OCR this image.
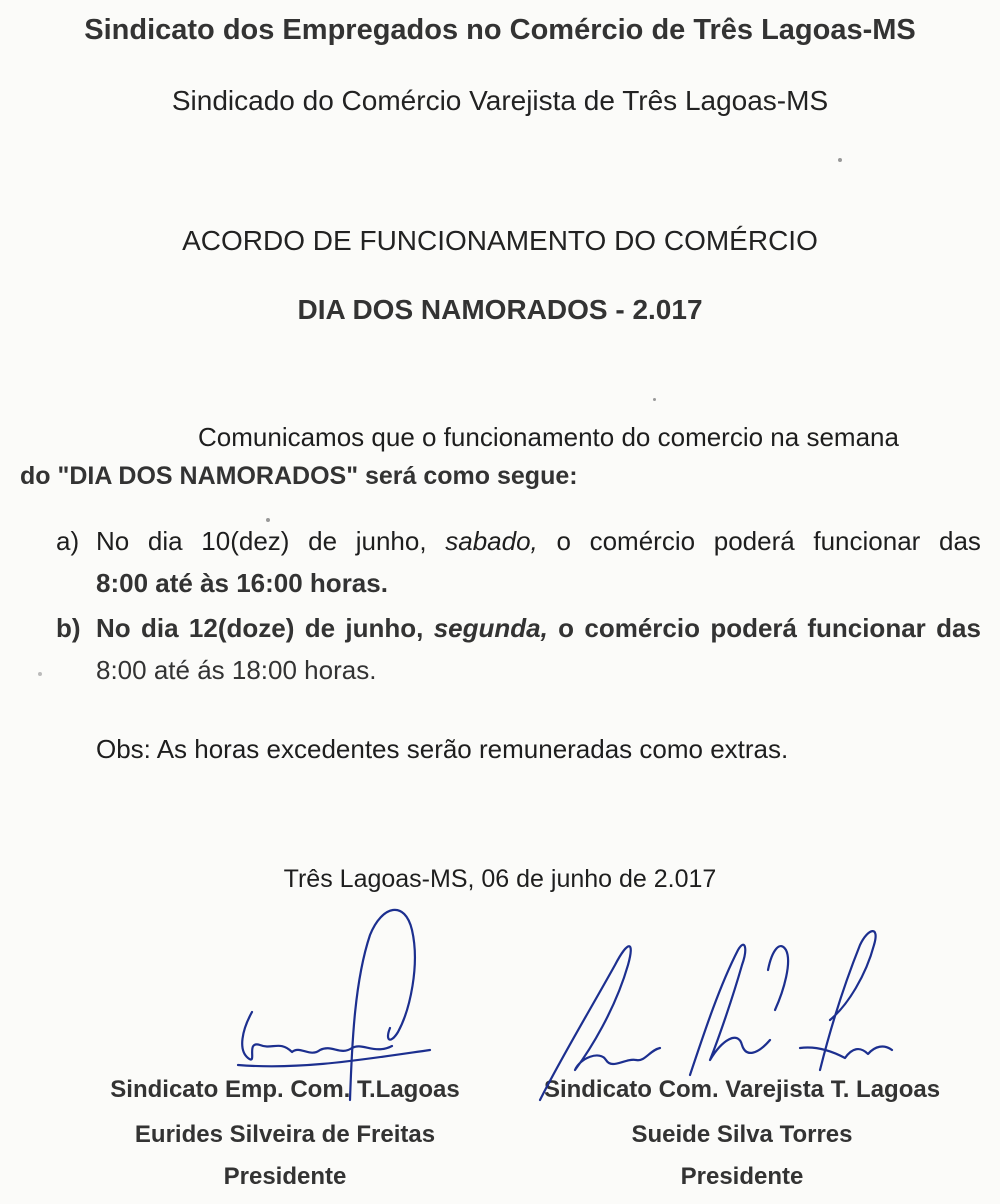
Sindicato dos Empregados no Comércio de Três Lagoas-MS
Sindicado do Comércio Varejista de Três Lagoas-MS
ACORDO DE FUNCIONAMENTO DO COMÉRCIO
DIA DOS NAMORADOS - 2.017
Comunicamos que o funcionamento do comercio na semana
do "DIA DOS NAMORADOS" será como segue:
a) No dia 10(dez) de junho, sabado, o comércio poderá funcionar das
8:00 até às 16:00 horas.
b) No dia 12(doze) de junho, segunda, o comércio poderá funcionar das
8:00 até ás 18:00 horas.
Obs: As horas excedentes serão remuneradas como extras.
Três Lagoas-MS, 06 de junho de 2.017
Sindicato Emp. Com. T.Lagoas
Eurides Silveira de Freitas
Presidente
Sindicato Com. Varejista T. Lagoas
Sueide Silva Torres
Presidente
